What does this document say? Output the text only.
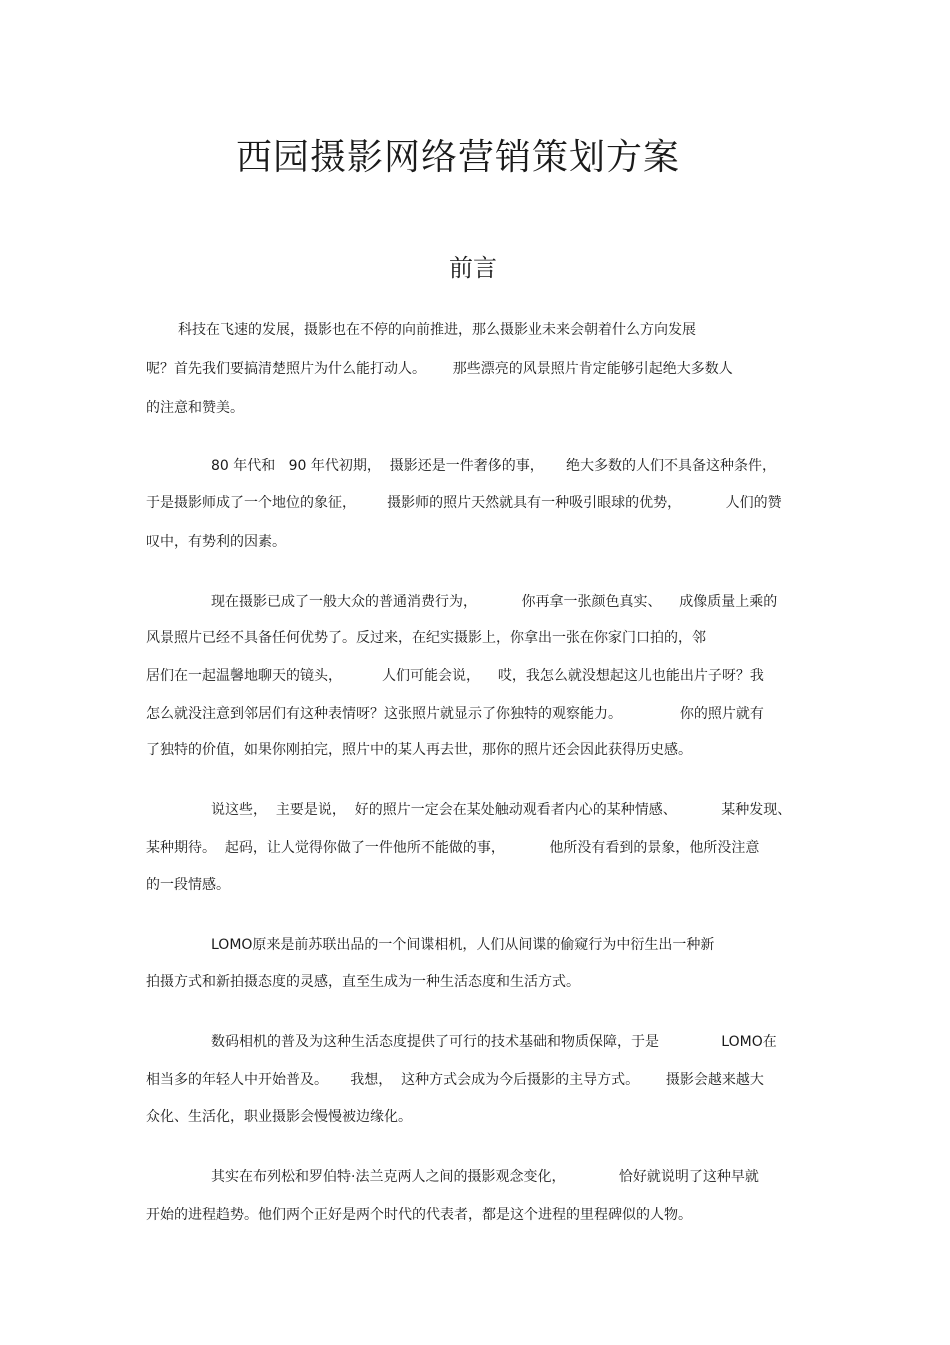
西园摄影网络营销策划方案
前言

科技在飞速的发展，摄影也在不停的向前推进，那么摄影业未来会朝着什么方向发展

呢？首先我们要搞清楚照片为什么能打动人。      那些漂亮的风景照片肯定能够引起绝大多数人

的注意和赞美。

80 年代和   90 年代初期，  摄影还是一件奢侈的事，     绝大多数的人们不具备这种条件，

于是摄影师成了一个地位的象征，       摄影师的照片天然就具有一种吸引眼球的优势，          人们的赞

叹中，有势利的因素。

现在摄影已成了一般大众的普通消费行为，          你再拿一张颜色真实、    成像质量上乘的

风景照片已经不具备任何优势了。反过来，在纪实摄影上，你拿出一张在你家门口拍的，邻

居们在一起温馨地聊天的镜头，         人们可能会说，    哎，我怎么就没想起这儿也能出片子呀？我

怎么就没注意到邻居们有这种表情呀？这张照片就显示了你独特的观察能力。             你的照片就有

了独特的价值，如果你刚拍完，照片中的某人再去世，那你的照片还会因此获得历史感。

说这些，  主要是说，  好的照片一定会在某处触动观看者内心的某种情感、          某种发现、

某种期待。  起码，让人觉得你做了一件他所不能做的事，          他所没有看到的景象，他所没注意

的一段情感。

LOMO原来是前苏联出品的一个间谍相机，人们从间谍的偷窥行为中衍生出一种新

拍摄方式和新拍摄态度的灵感，直至生成为一种生活态度和生活方式。

数码相机的普及为这种生活态度提供了可行的技术基础和物质保障，于是              LOMO在

相当多的年轻人中开始普及。     我想，  这种方式会成为今后摄影的主导方式。      摄影会越来越大

众化、生活化，职业摄影会慢慢被边缘化。

其实在布列松和罗伯特·法兰克两人之间的摄影观念变化，            恰好就说明了这种早就

开始的进程趋势。他们两个正好是两个时代的代表者，都是这个进程的里程碑似的人物。
